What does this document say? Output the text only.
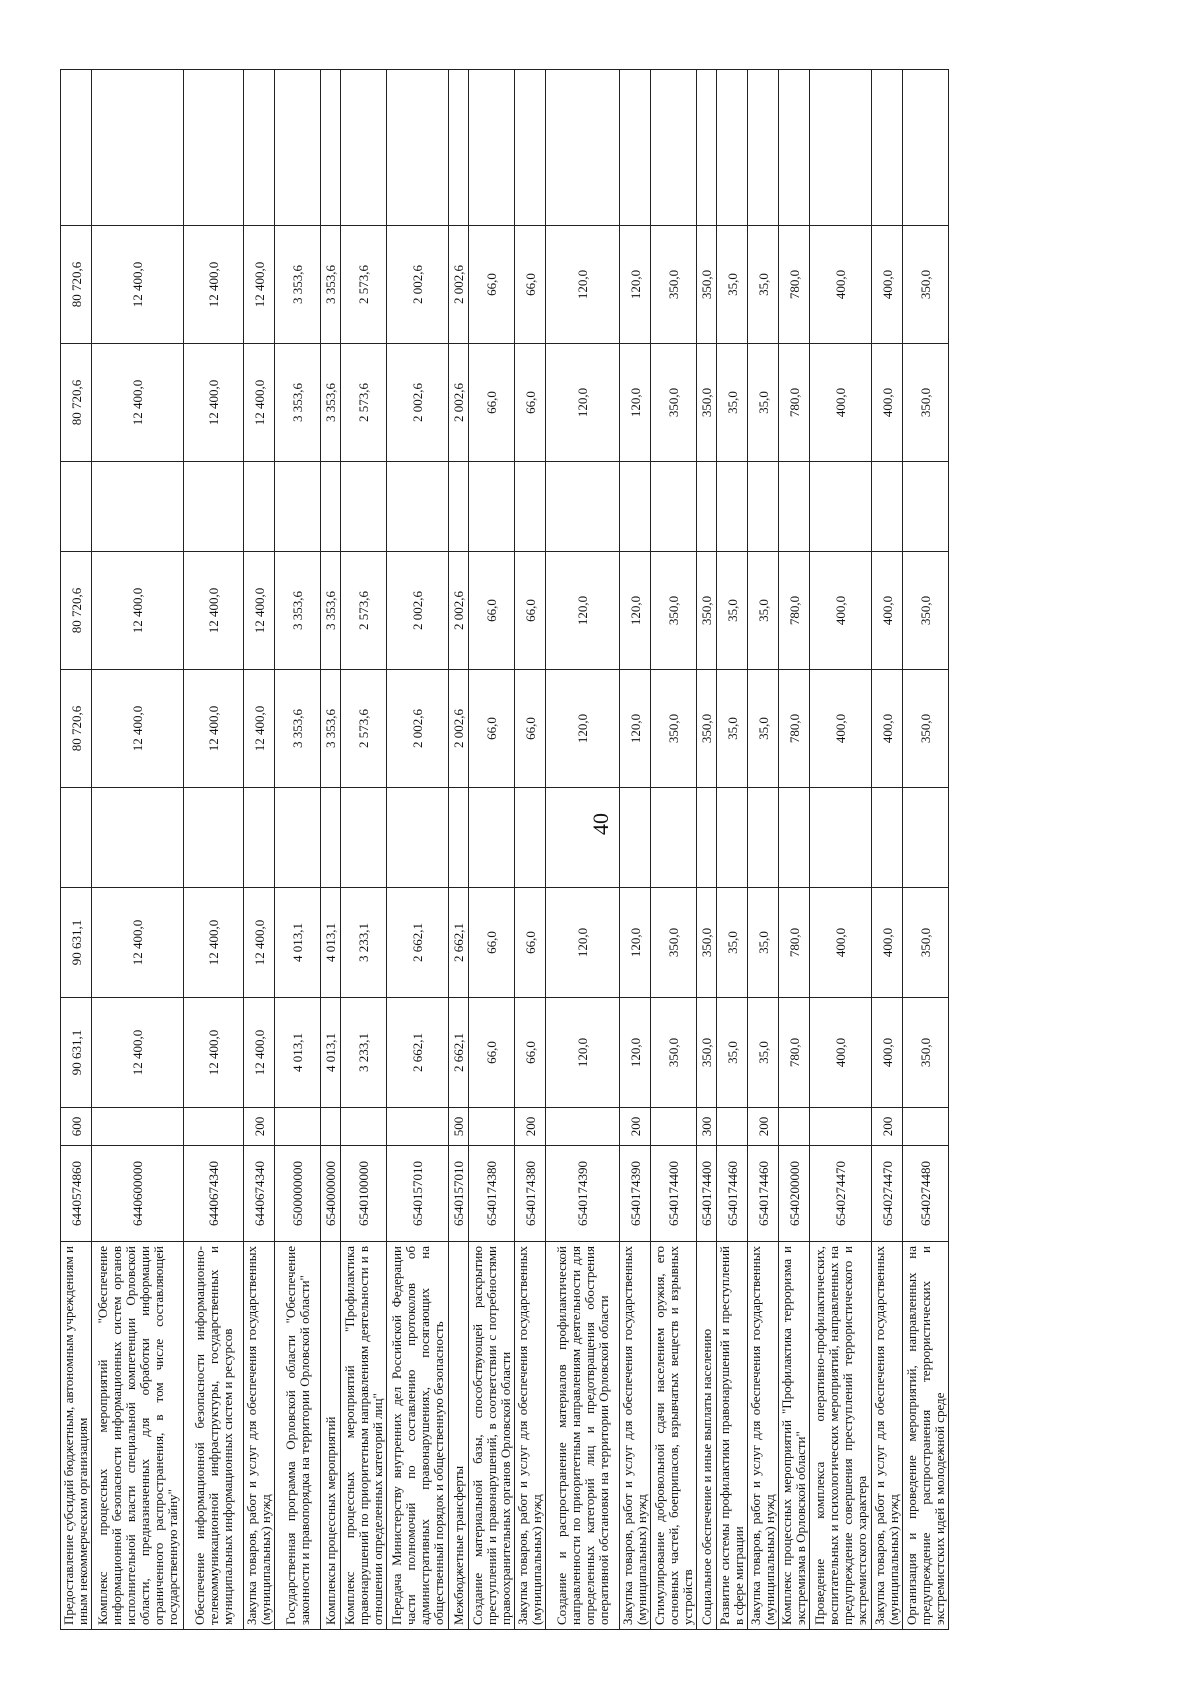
40
Предоставление субсидий бюджетным, автономным учреждениям и иным некоммерческим организациям	6440574860	600	90 631,1	90 631,1		80 720,6	80 720,6		80 720,6	80 720,6	
Комплекс процессных мероприятий "Обеспечение информационной безопасности информационных систем органов исполнительной власти специальной компетенции Орловской области, предназначенных для обработки информации ограниченного распространения, в том числе составляющей государственную тайну"	6440600000		12 400,0	12 400,0		12 400,0	12 400,0		12 400,0	12 400,0	
Обеспечение информационной безопасности информационно-телекоммуникационной инфраструктуры, государственных и муниципальных информационных систем и ресурсов	6440674340		12 400,0	12 400,0		12 400,0	12 400,0		12 400,0	12 400,0	
Закупка товаров, работ и услуг для обеспечения государственных (муниципальных) нужд	6440674340	200	12 400,0	12 400,0		12 400,0	12 400,0		12 400,0	12 400,0	
Государственная программа Орловской области "Обеспечение законности и правопорядка на территории Орловской области"	6500000000		4 013,1	4 013,1		3 353,6	3 353,6		3 353,6	3 353,6	
Комплексы процессных мероприятий	6540000000		4 013,1	4 013,1		3 353,6	3 353,6		3 353,6	3 353,6	
Комплекс процессных мероприятий "Профилактика правонарушений по приоритетным направлениям деятельности и в отношении определенных категорий лиц"	6540100000		3 233,1	3 233,1		2 573,6	2 573,6		2 573,6	2 573,6	
Передача Министерству внутренних дел Российской Федерации части полномочий по составлению протоколов об административных правонарушениях, посягающих на общественный порядок и общественную безопасность	6540157010		2 662,1	2 662,1		2 002,6	2 002,6		2 002,6	2 002,6	
Межбюджетные трансферты	6540157010	500	2 662,1	2 662,1		2 002,6	2 002,6		2 002,6	2 002,6	
Создание материальной базы, способствующей раскрытию преступлений и правонарушений, в соответствии с потребностями правоохранительных органов Орловской области	6540174380		66,0	66,0		66,0	66,0		66,0	66,0	
Закупка товаров, работ и услуг для обеспечения государственных (муниципальных) нужд	6540174380	200	66,0	66,0		66,0	66,0		66,0	66,0	
Создание и распространение материалов профилактической направленности по приоритетным направлениям деятельности для определенных категорий лиц и предотвращения обострения оперативной обстановки на территории Орловской области	6540174390		120,0	120,0		120,0	120,0		120,0	120,0	
Закупка товаров, работ и услуг для обеспечения государственных (муниципальных) нужд	6540174390	200	120,0	120,0		120,0	120,0		120,0	120,0	
Стимулирование добровольной сдачи населением оружия, его основных частей, боеприпасов, взрывчатых веществ и взрывных устройств	6540174400		350,0	350,0		350,0	350,0		350,0	350,0	
Социальное обеспечение и иные выплаты населению	6540174400	300	350,0	350,0		350,0	350,0		350,0	350,0	
Развитие системы профилактики правонарушений и преступлений в сфере миграции	6540174460		35,0	35,0		35,0	35,0		35,0	35,0	
Закупка товаров, работ и услуг для обеспечения государственных (муниципальных) нужд	6540174460	200	35,0	35,0		35,0	35,0		35,0	35,0	
Комплекс процессных мероприятий "Профилактика терроризма и экстремизма в Орловской области"	6540200000		780,0	780,0		780,0	780,0		780,0	780,0	
Проведение комплекса оперативно-профилактических, воспитательных и психологических мероприятий, направленных на предупреждение совершения преступлений террористического и экстремистского характера	6540274470		400,0	400,0		400,0	400,0		400,0	400,0	
Закупка товаров, работ и услуг для обеспечения государственных (муниципальных) нужд	6540274470	200	400,0	400,0		400,0	400,0		400,0	400,0	
Организация и проведение мероприятий, направленных на предупреждение распространения террористических и экстремистских идей в молодежной среде	6540274480		350,0	350,0		350,0	350,0		350,0	350,0	
